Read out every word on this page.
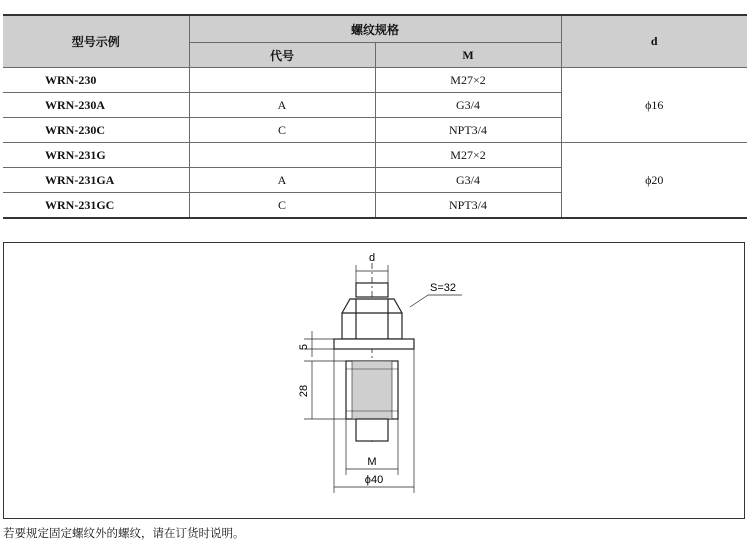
型号示例	螺纹规格		d
	代号	M	
WRN-230		M27×2	ϕ16
WRN-230A	A	G3/4	
WRN-230C	C	NPT3/4	
WRN-231G		M27×2	ϕ20
WRN-231GA	A	G3/4	
WRN-231GC	C	NPT3/4	
d
S=32
5
28
M
ϕ40
若要规定固定螺纹外的螺纹，请在订货时说明。
